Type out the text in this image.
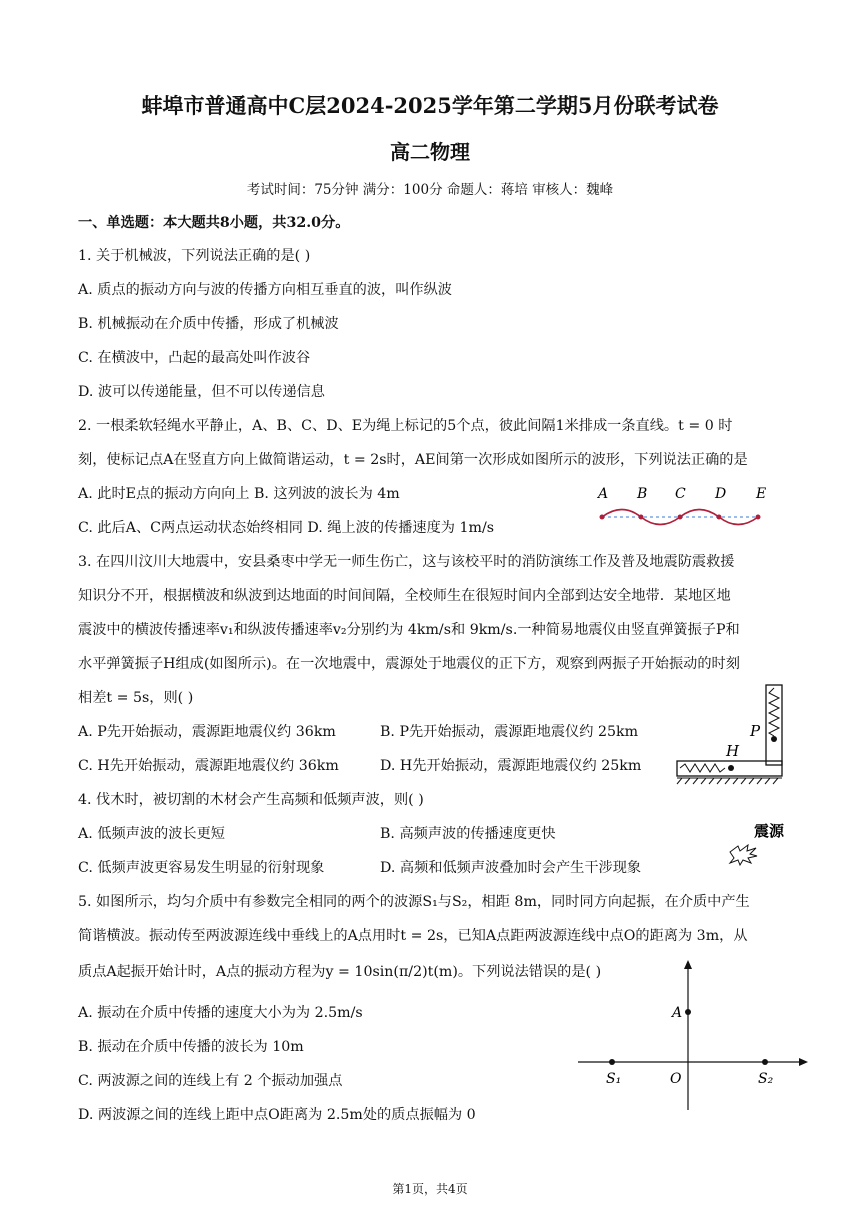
蚌埠市普通高中C层2024-2025学年第二学期5月份联考试卷
高二物理
考试时间：75分钟 满分：100分 命题人：蒋培 审核人：魏峰
一、单选题：本大题共8小题，共32.0分。
1. 关于机械波，下列说法正确的是( )
A. 质点的振动方向与波的传播方向相互垂直的波，叫作纵波
B. 机械振动在介质中传播，形成了机械波
C. 在横波中，凸起的最高处叫作波谷
D. 波可以传递能量，但不可以传递信息
2. 一根柔软轻绳水平静止，A、B、C、D、E为绳上标记的5个点，彼此间隔1米排成一条直线。t = 0 时
刻，使标记点A在竖直方向上做简谐运动，t = 2s时，AE间第一次形成如图所示的波形，下列说法正确的是
A. 此时E点的振动方向向上 B. 这列波的波长为 4m
C. 此后A、C两点运动状态始终相同 D. 绳上波的传播速度为 1m/s
A B C D E
3. 在四川汶川大地震中，安县桑枣中学无一师生伤亡，这与该校平时的消防演练工作及普及地震防震救援
知识分不开，根据横波和纵波到达地面的时间间隔，全校师生在很短时间内全部到达安全地带．某地区地
震波中的横波传播速率v₁和纵波传播速率v₂分别约为 4km/s和 9km/s.一种简易地震仪由竖直弹簧振子P和
水平弹簧振子H组成(如图所示)。在一次地震中，震源处于地震仪的正下方，观察到两振子开始振动的时刻
相差t = 5s，则( )
A. P先开始振动，震源距地震仪约 36km	B. P先开始振动，震源距地震仪约 25km
C. H先开始振动，震源距地震仪约 36km	D. H先开始振动，震源距地震仪约 25km
P
H
震源
4. 伐木时，被切割的木材会产生高频和低频声波，则( )
A. 低频声波的波长更短	B. 高频声波的传播速度更快
C. 低频声波更容易发生明显的衍射现象	D. 高频和低频声波叠加时会产生干涉现象
5. 如图所示，均匀介质中有参数完全相同的两个的波源S₁与S₂，相距 8m，同时同方向起振，在介质中产生
简谐横波。振动传至两波源连线中垂线上的A点用时t = 2s，已知A点距两波源连线中点O的距离为 3m，从
质点A起振开始计时，A点的振动方程为y = 10sin(π/2)t(m)。下列说法错误的是( )
A. 振动在介质中传播的速度大小为为 2.5m/s
B. 振动在介质中传播的波长为 10m
C. 两波源之间的连线上有 2 个振动加强点
D. 两波源之间的连线上距中点O距离为 2.5m处的质点振幅为 0
A
S₁	O	S₂
第1页，共4页
